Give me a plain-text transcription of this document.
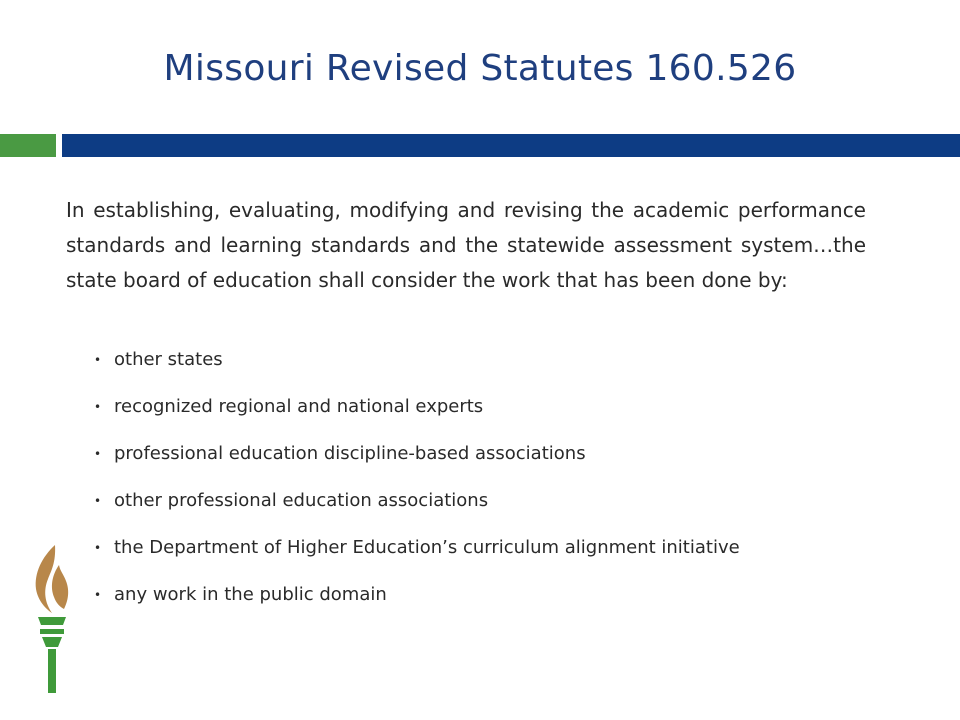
Missouri Revised Statutes 160.526
In establishing, evaluating, modifying and revising the academic performance standards and learning standards and the statewide assessment system…the state board of education shall consider the work that has been done by:
• other states
• recognized regional and national experts
• professional education discipline-based associations
• other professional education associations
• the Department of Higher Education’s curriculum alignment initiative
• any work in the public domain
